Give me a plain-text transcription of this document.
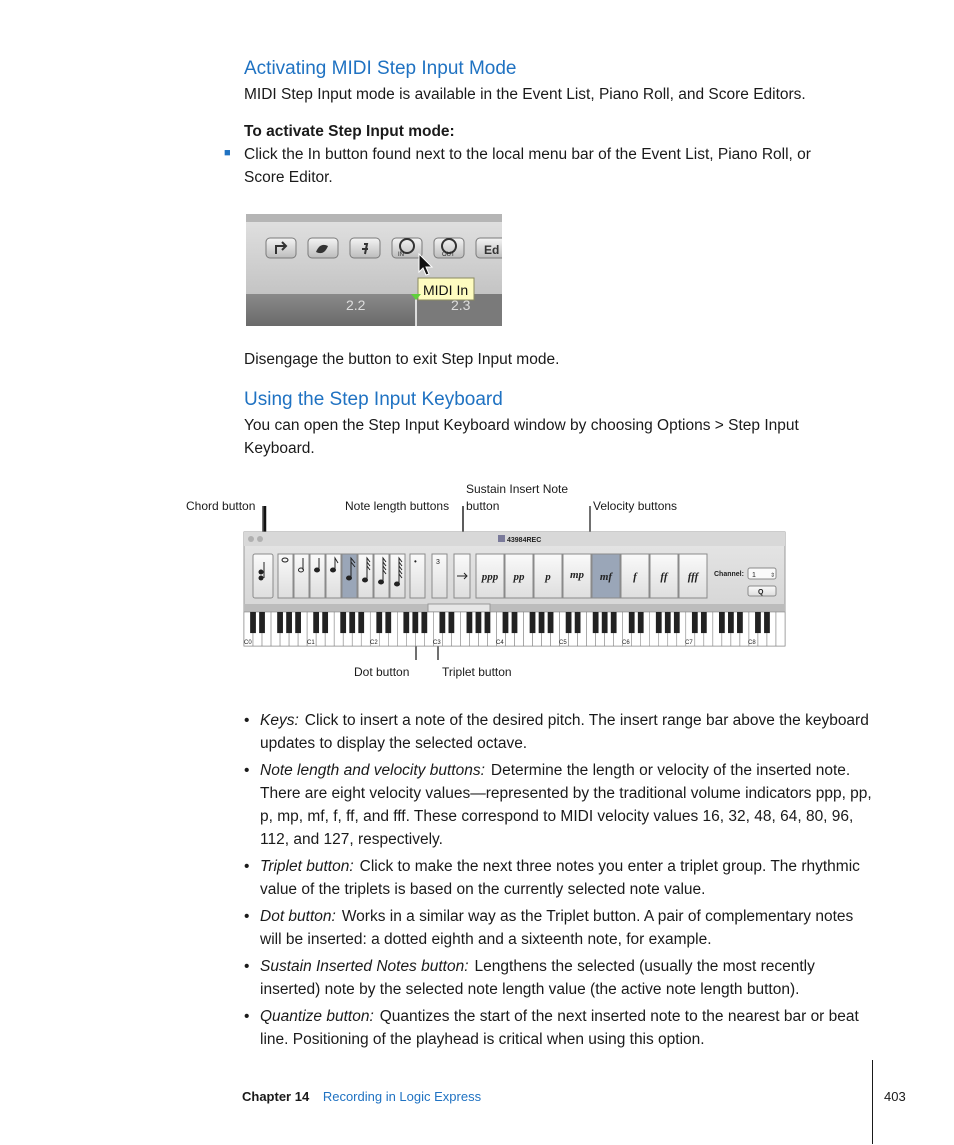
Activating MIDI Step Input Mode
MIDI Step Input mode is available in the Event List, Piano Roll, and Score Editors.
To activate Step Input mode:
■ Click the In button found next to the local menu bar of the Event List, Piano Roll, or Score Editor.
IN	OUT Ed
MIDI In
2.2	2.3
Disengage the button to exit Step Input mode.
Using the Step Input Keyboard
You can open the Step Input Keyboard window by choosing Options > Step Input Keyboard.
Chord button	Note length buttons
Sustain Insert Note
button	Velocity buttons
Dot button	Triplet button
43984REC
•	3
ppp pp p mp mf f ff fff Channel: 1 ⇕
Q
C0	C1	C2	C3	C4	C5	C6	C7	C8
• Keys: Click to insert a note of the desired pitch. The insert range bar above the keyboard updates to display the selected octave.
• Note length and velocity buttons: Determine the length or velocity of the inserted note. There are eight velocity values—represented by the traditional volume indicators ppp, pp, p, mp, mf, f, ff, and fff. These correspond to MIDI velocity values 16, 32, 48, 64, 80, 96, 112, and 127, respectively.
• Triplet button: Click to make the next three notes you enter a triplet group. The rhythmic value of the triplets is based on the currently selected note value.
• Dot button: Works in a similar way as the Triplet button. A pair of complementary notes will be inserted: a dotted eighth and a sixteenth note, for example.
• Sustain Inserted Notes button: Lengthens the selected (usually the most recently inserted) note by the selected note length value (the active note length button).
• Quantize button: Quantizes the start of the next inserted note to the nearest bar or beat line. Positioning of the playhead is critical when using this option.
Chapter 14 Recording in Logic Express	403
